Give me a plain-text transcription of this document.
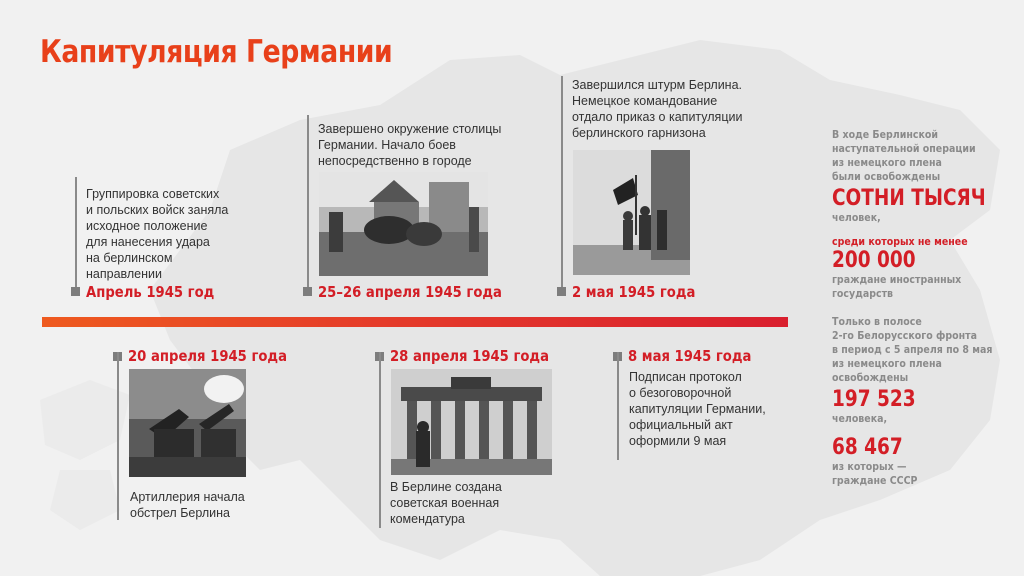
Капитуляция Германии
Группировка советских
и польских войск заняла
исходное положение
для нанесения удара
на берлинском
направлении
Апрель 1945 год
Завершено окружение столицы
Германии. Начало боев
непосредственно в городе
25–26 апреля 1945 года
Завершился штурм Берлина.
Немецкое командование
отдало приказ о капитуляции
берлинского гарнизона
2 мая 1945 года
20 апреля 1945 года
Артиллерия начала
обстрел Берлина
28 апреля 1945 года
В Берлине создана
советская военная
комендатура
8 мая 1945 года
Подписан протокол
о безоговорочной
капитуляции Германии,
официальный акт
оформили 9 мая
В ходе Берлинской
наступательной операции
из немецкого плена
были освобождены
СОТНИ ТЫСЯЧ
человек,
среди которых не менее
200 000
граждане иностранных
государств
Только в полосе
2-го Белорусского фронта
в период с 5 апреля по 8 мая
из немецкого плена
освобождены
197 523
человека,
68 467
из которых —
граждане СССР
